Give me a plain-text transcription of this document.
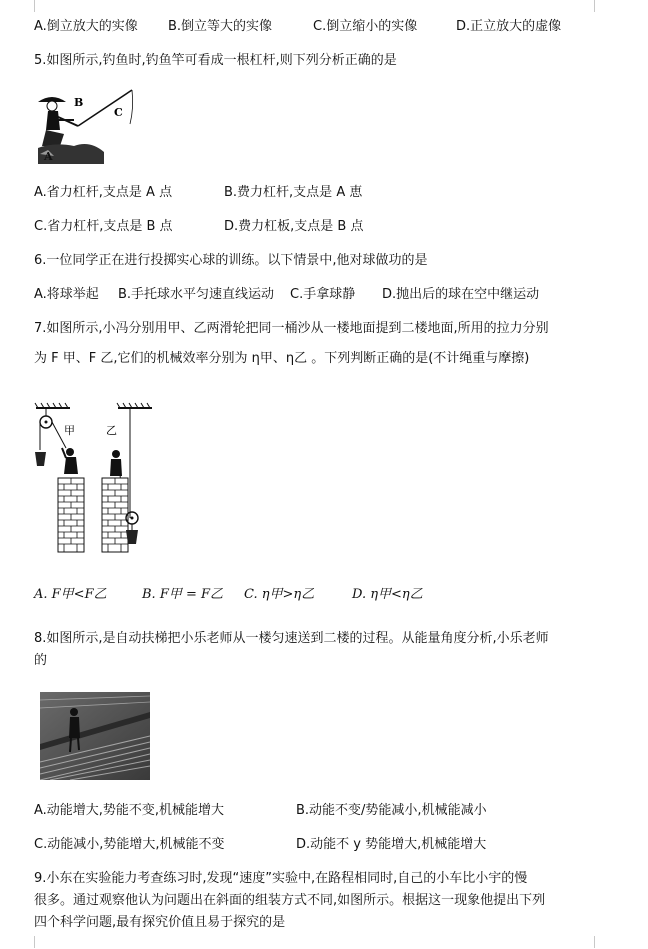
A.倒立放大的实像 B.倒立等大的实像	C.倒立缩小的实像	D.正立放大的虚像
5.如图所示,钓鱼时,钓鱼竿可看成一根杠杆,则下列分析正确的是
B
C
A
A.省力杠杆,支点是 A 点	B.费力杠杆,支点是 A 恵
C.省力杠杆,支点是 B 点	D.费力杠板,支点是 B 点
6.一位同学正在进行投掷实心球的训练。以下情景中,他对球做功的是
A.将球举起 B.手托球水平匀速直线运动 C.手拿球静 D.抛出后的球在空中继运动
7.如图所示,小冯分别用甲、乙两滑轮把同一桶沙从一楼地面提到二楼地面,所用的拉力分别
为 F 甲、F 乙,它们的机械效率分别为 η甲、η乙 。下列判断正确的是(不计绳重与摩擦)
甲	乙
A. F甲<F乙	B. F甲 = F乙 C. η甲>η乙	D. η甲<η乙
8.如图所示,是自动扶梯把小乐老师从一楼匀速送到二楼的过程。从能量角度分析,小乐老师
的
A.动能增大,势能不变,机械能增大	B.动能不变/势能减小,机械能减小
C.动能减小,势能增大,机械能不变	D.动能不 y 势能增大,机械能增大
9.小东在实验能力考查练习时,发现“速度”实验中,在路程相同时,自己的小车比小宇的慢
很多。通过观察他认为问题出在斜面的组装方式不同,如图所示。根据这一现象他提出下列
四个科学问题,最有探究价值且易于探究的是
